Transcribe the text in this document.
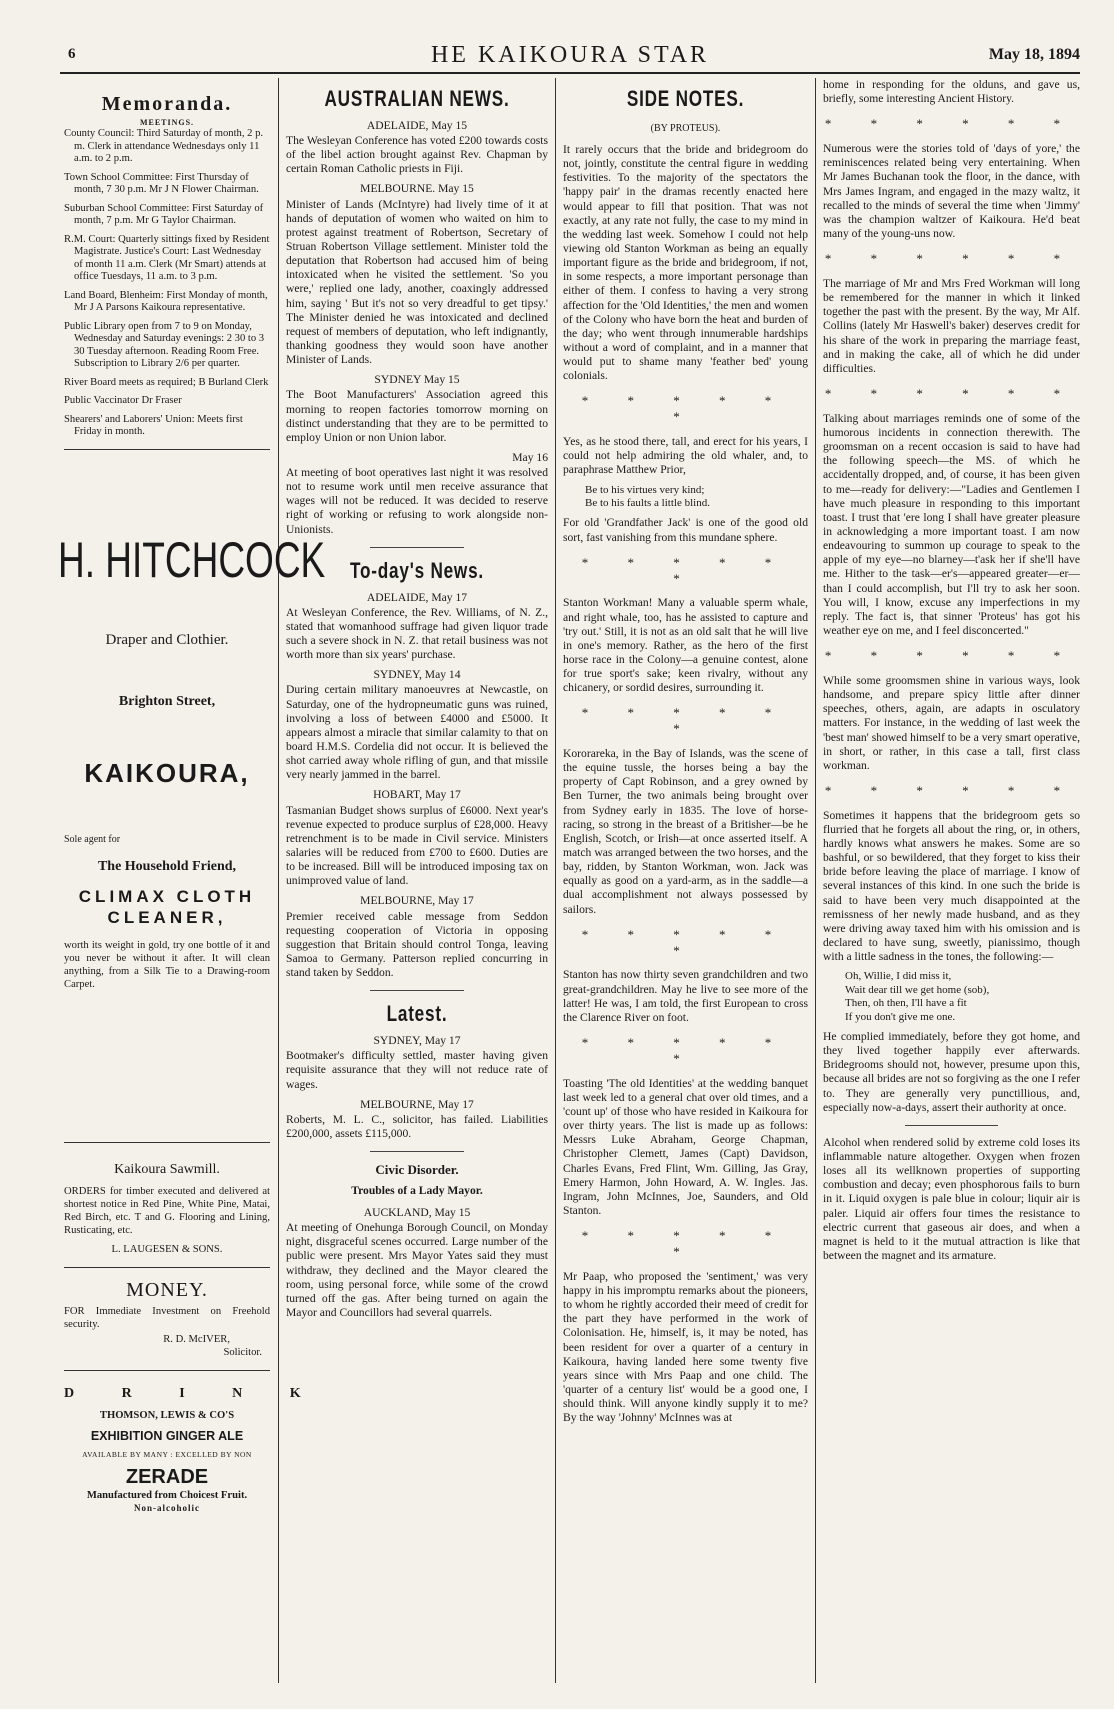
6	HE KAIKOURA STAR	May 18, 1894
Memoranda.
MEETINGS.

County Council: Third Saturday of month, 2 p. m. Clerk in attendance Wednesdays only 11 a.m. to 2 p.m.

Town School Committee: First Thursday of month, 7 30 p.m. Mr J N Flower Chairman.

Suburban School Committee: First Saturday of month, 7 p.m. Mr G Taylor Chairman.

R.M. Court: Quarterly sittings fixed by Resident Magistrate. Justice's Court: Last Wednesday of month 11 a.m. Clerk (Mr Smart) attends at office Tuesdays, 11 a.m. to 3 p.m.

Land Board, Blenheim: First Monday of month, Mr J A Parsons Kaikoura representative.

Public Library open from 7 to 9 on Monday, Wednesday and Saturday evenings: 2 30 to 3 30 Tuesday afternoon. Reading Room Free. Subscription to Library 2/6 per quarter.

River Board meets as required; B Burland Clerk

Public Vaccinator Dr Fraser

Shearers' and Laborers' Union: Meets first Friday in month.

H. HITCHCOCK
Draper and Clothier.
Brighton Street,
KAIKOURA,
Sole agent for
The Household Friend,
CLIMAX CLOTH
CLEANER,

worth its weight in gold, try one bottle of it and you never be without it after. It will clean anything, from a Silk Tie to a Drawing-room Carpet.

Kaikoura Sawmill.

ORDERS for timber executed and delivered at shortest notice in Red Pine, White Pine, Matai, Red Birch, etc. T and G. Flooring and Lining, Rusticating, etc.

L. LAUGESEN & SONS.
MONEY.

FOR Immediate Investment on Freehold security.

R. D. McIVER,
Solicitor.
D R I N K
THOMSON, LEWIS & CO'S
EXHIBITION GINGER ALE
AVAILABLE BY MANY : EXCELLED BY NON
ZERADE
Manufactured from Choicest Fruit.
Non-alcoholic
AUSTRALIAN NEWS.
ADELAIDE, May 15

The Wesleyan Conference has voted £200 towards costs of the libel action brought against Rev. Chapman by certain Roman Catholic priests in Fiji.

MELBOURNE. May 15

Minister of Lands (McIntyre) had lively time of it at hands of deputation of women who waited on him to protest against treatment of Robertson, Secretary of Struan Robertson Village settlement. Minister told the deputation that Robertson had accused him of being intoxicated when he visited the settlement. 'So you were,' replied one lady, another, coaxingly addressed him, saying ' But it's not so very dreadful to get tipsy.' The Minister denied he was intoxicated and declined request of members of deputation, who left indignantly, thanking goodness they would soon have another Minister of Lands.

SYDNEY May 15

The Boot Manufacturers' Association agreed this morning to reopen factories tomorrow morning on distinct understanding that they are to be permitted to employ Union or non Union labor.

May 16

At meeting of boot operatives last night it was resolved not to resume work until men receive assurance that wages will not be reduced. It was decided to reserve right of working or refusing to work alongside non-Unionists.

To-day's News.
ADELAIDE, May 17

At Wesleyan Conference, the Rev. Williams, of N. Z., stated that womanhood suffrage had given liquor trade such a severe shock in N. Z. that retail business was not worth more than six years' purchase.

SYDNEY, May 14

During certain military manoeuvres at Newcastle, on Saturday, one of the hydropneumatic guns was ruined, involving a loss of between £4000 and £5000. It appears almost a miracle that similar calamity to that on board H.M.S. Cordelia did not occur. It is believed the shot carried away whole rifling of gun, and that missile very nearly jammed in the barrel.

HOBART, May 17

Tasmanian Budget shows surplus of £6000. Next year's revenue expected to produce surplus of £28,000. Heavy retrenchment is to be made in Civil service. Ministers salaries will be reduced from £700 to £600. Duties are to be increased. Bill will be introduced imposing tax on unimproved value of land.

MELBOURNE, May 17

Premier received cable message from Seddon requesting cooperation of Victoria in opposing suggestion that Britain should control Tonga, leaving Samoa to Germany. Patterson replied concurring in stand taken by Seddon.

Latest.
SYDNEY, May 17

Bootmaker's difficulty settled, master having given requisite assurance that they will not reduce rate of wages.

MELBOURNE, May 17

Roberts, M. L. C., solicitor, has failed. Liabilities £200,000, assets £115,000.

Civic Disorder.
Troubles of a Lady Mayor.
AUCKLAND, May 15

At meeting of Onehunga Borough Council, on Monday night, disgraceful scenes occurred. Large number of the public were present. Mrs Mayor Yates said they must withdraw, they declined and the Mayor cleared the room, using personal force, while some of the crowd turned off the gas. After being turned on again the Mayor and Councillors had several quarrels.

SIDE NOTES.
(BY PROTEUS).

It rarely occurs that the bride and bridegroom do not, jointly, constitute the central figure in wedding festivities. To the majority of the spectators the 'happy pair' in the dramas recently enacted here would appear to fill that position. That was not exactly, at any rate not fully, the case to my mind in the wedding last week. Somehow I could not help viewing old Stanton Workman as being an equally important figure as the bride and bridegroom, if not, in some respects, a more important personage than either of them. I confess to having a very strong affection for the 'Old Identities,' the men and women of the Colony who have born the heat and burden of the day; who went through innumerable hardships without a word of complaint, and in a manner that would put to shame many 'feather bed' young colonials.

* * * * * *

Yes, as he stood there, tall, and erect for his years, I could not help admiring the old whaler, and, to paraphrase Matthew Prior,

Be to his virtues very kind;
Be to his faults a little blind.

For old 'Grandfather Jack' is one of the good old sort, fast vanishing from this mundane sphere.

* * * * * *

Stanton Workman! Many a valuable sperm whale, and right whale, too, has he assisted to capture and 'try out.' Still, it is not as an old salt that he will live in one's memory. Rather, as the hero of the first horse race in the Colony—a genuine contest, alone for true sport's sake; keen rivalry, without any chicanery, or sordid desires, surrounding it.

* * * * * *

Kororareka, in the Bay of Islands, was the scene of the equine tussle, the horses being a bay the property of Capt Robinson, and a grey owned by Ben Turner, the two animals being brought over from Sydney early in 1835. The love of horse-racing, so strong in the breast of a Britisher—be he English, Scotch, or Irish—at once asserted itself. A match was arranged between the two horses, and the bay, ridden, by Stanton Workman, won. Jack was equally as good on a yard-arm, as in the saddle—a dual accomplishment not always possessed by sailors.

* * * * * *

Stanton has now thirty seven grandchildren and two great-grandchildren. May he live to see more of the latter! He was, I am told, the first European to cross the Clarence River on foot.

* * * * * *

Toasting 'The old Identities' at the wedding banquet last week led to a general chat over old times, and a 'count up' of those who have resided in Kaikoura for over thirty years. The list is made up as follows: Messrs Luke Abraham, George Chapman, Christopher Clemett, James (Capt) Davidson, Charles Evans, Fred Flint, Wm. Gilling, Jas Gray, Emery Harmon, John Howard, A. W. Ingles. Jas. Ingram, John McInnes, Joe, Saunders, and Old Stanton.

* * * * * *

Mr Paap, who proposed the 'sentiment,' was very happy in his impromptu remarks about the pioneers, to whom he rightly accorded their meed of credit for the part they have performed in the work of Colonisation. He, himself, is, it may be noted, has been resident for over a quarter of a century in Kaikoura, having landed here some twenty five years since with Mrs Paap and one child. The 'quarter of a century list' would be a good one, I should think. Will anyone kindly supply it to me? By the way 'Johnny' McInnes was at

home in responding for the olduns, and gave us, briefly, some interesting Ancient History.

* * * * * *

Numerous were the stories told of 'days of yore,' the reminiscences related being very entertaining. When Mr James Buchanan took the floor, in the dance, with Mrs James Ingram, and engaged in the mazy waltz, it recalled to the minds of several the time when 'Jimmy' was the champion waltzer of Kaikoura. He'd beat many of the young-uns now.

* * * * * *

The marriage of Mr and Mrs Fred Workman will long be remembered for the manner in which it linked together the past with the present. By the way, Mr Alf. Collins (lately Mr Haswell's baker) deserves credit for his share of the work in preparing the marriage feast, and in making the cake, all of which he did under difficulties.

* * * * * *

Talking about marriages reminds one of some of the humorous incidents in connection therewith. The groomsman on a recent occasion is said to have had the following speech—the MS. of which he accidentally dropped, and, of course, it has been given to me—ready for delivery:—"Ladies and Gentlemen I have much pleasure in responding to this important toast. I trust that 'ere long I shall have greater pleasure in acknowledging a more important toast. I am now endeavouring to summon up courage to speak to the apple of my eye—no blarney—t'ask her if she'll have me. Hither to the task—er's—appeared greater—er—than I could accomplish, but I'll try to ask her soon. You will, I know, excuse any imperfections in my reply. The fact is, that sinner 'Proteus' has got his weather eye on me, and I feel disconcerted."

* * * * * *

While some groomsmen shine in various ways, look handsome, and prepare spicy little after dinner speeches, others, again, are adapts in osculatory matters. For instance, in the wedding of last week the 'best man' showed himself to be a very smart operative, in short, or rather, in this case a tall, first class workman.

* * * * * *

Sometimes it happens that the bridegroom gets so flurried that he forgets all about the ring, or, in others, hardly knows what answers he makes. Some are so bashful, or so bewildered, that they forget to kiss their bride before leaving the place of marriage. I know of several instances of this kind. In one such the bride is said to have been very much disappointed at the remissness of her newly made husband, and as they were driving away taxed him with his omission and is declared to have sung, sweetly, pianissimo, though with a little sadness in the tones, the following:—

Oh, Willie, I did miss it,
Wait dear till we get home (sob),
Then, oh then, I'll have a fit
If you don't give me one.

He complied immediately, before they got home, and they lived together happily ever afterwards. Bridegrooms should not, however, presume upon this, because all brides are not so forgiving as the one I refer to. They are generally very punctillious, and, especially now-a-days, assert their authority at once.

Alcohol when rendered solid by extreme cold loses its inflammable nature altogether. Oxygen when frozen loses all its wellknown properties of supporting combustion and decay; even phosphorous fails to burn in it. Liquid oxygen is pale blue in colour; liquir air is paler. Liquid air offers four times the resistance to electric current that gaseous air does, and when a magnet is held to it the mutual attraction is like that between the magnet and its armature.
